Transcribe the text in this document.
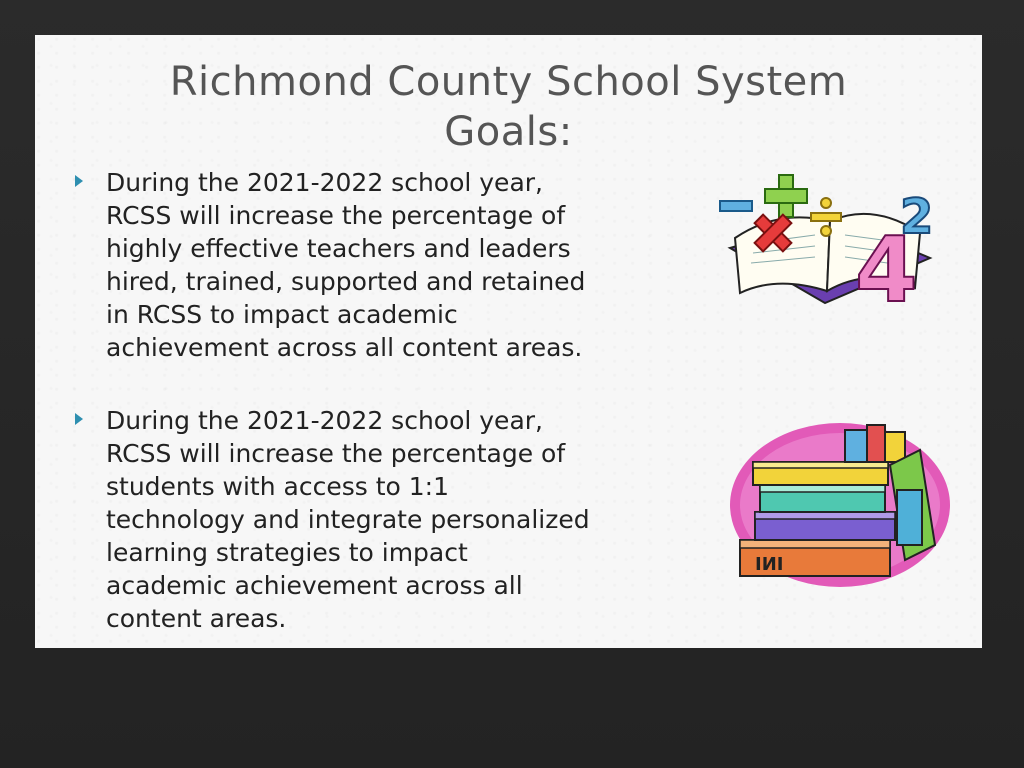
Richmond County School System
Goals:
During the 2021-2022 school year,
RCSS will increase the percentage of
highly effective teachers and leaders
hired, trained, supported and retained
in RCSS to impact academic
achievement across all content areas.
During the 2021-2022 school year,
RCSS will increase the percentage of
students with access to 1:1
technology and integrate personalized
learning strategies to impact
academic achievement across all
content areas.
4
2
IИI
